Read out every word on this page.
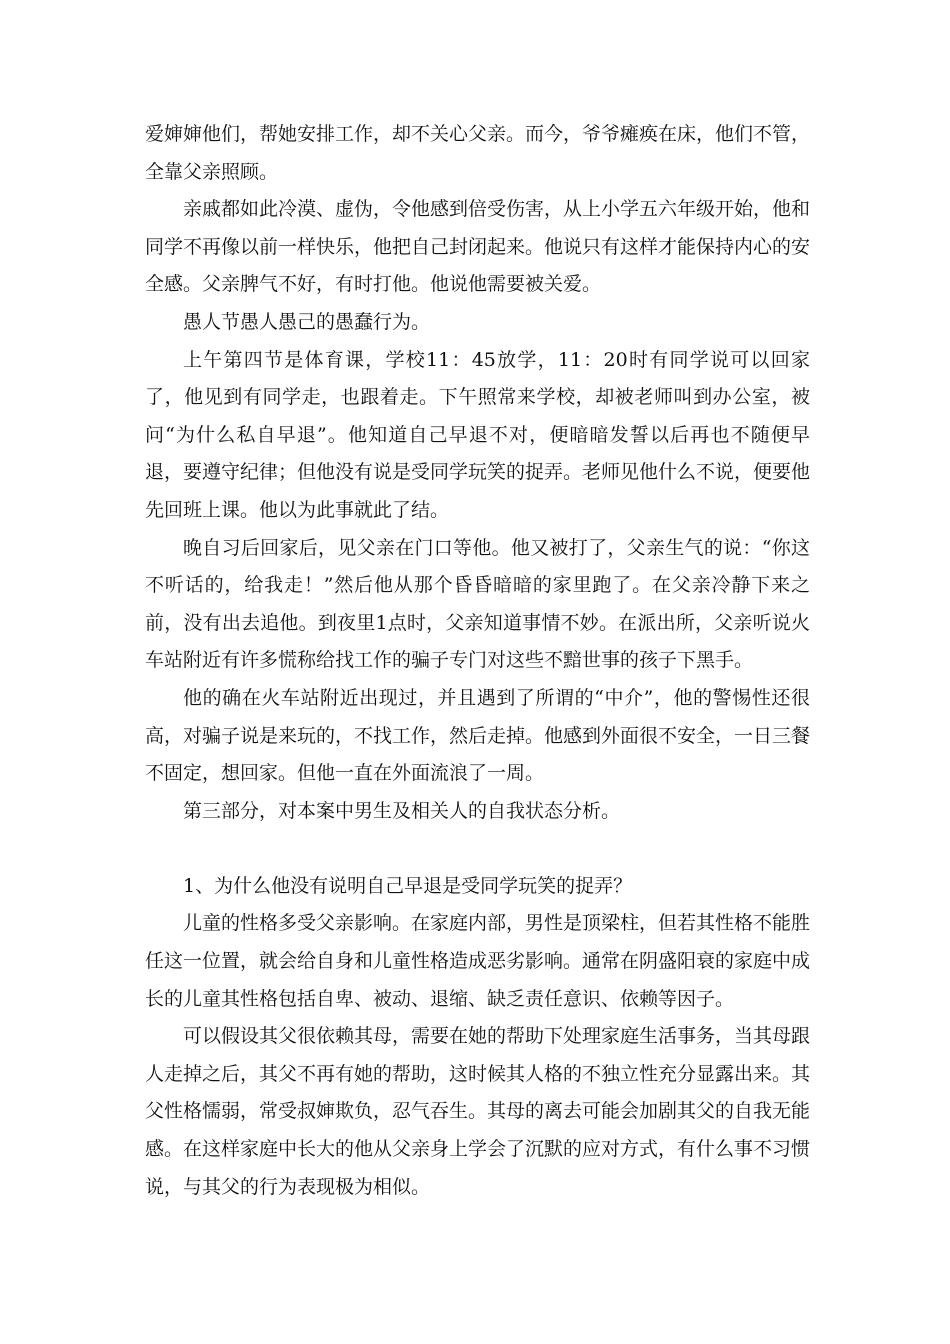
爱婶婶他们，帮她安排工作，却不关心父亲。而今，爷爷瘫痪在床，他们不管，全靠父亲照顾。

亲戚都如此冷漠、虚伪，令他感到倍受伤害，从上小学五六年级开始，他和同学不再像以前一样快乐，他把自己封闭起来。他说只有这样才能保持内心的安全感。父亲脾气不好，有时打他。他说他需要被关爱。

愚人节愚人愚己的愚蠢行为。

上午第四节是体育课，学校11：45放学，11：20时有同学说可以回家了，他见到有同学走，也跟着走。下午照常来学校，却被老师叫到办公室，被问“为什么私自早退”。他知道自己早退不对，便暗暗发誓以后再也不随便早退，要遵守纪律；但他没有说是受同学玩笑的捉弄。老师见他什么不说，便要他先回班上课。他以为此事就此了结。

晚自习后回家后，见父亲在门口等他。他又被打了，父亲生气的说：“你这不听话的，给我走！”然后他从那个昏昏暗暗的家里跑了。在父亲冷静下来之前，没有出去追他。到夜里1点时，父亲知道事情不妙。在派出所，父亲听说火车站附近有许多慌称给找工作的骗子专门对这些不黯世事的孩子下黑手。

他的确在火车站附近出现过，并且遇到了所谓的“中介”，他的警惕性还很高，对骗子说是来玩的，不找工作，然后走掉。他感到外面很不安全，一日三餐不固定，想回家。但他一直在外面流浪了一周。

第三部分，对本案中男生及相关人的自我状态分析。

1、为什么他没有说明自己早退是受同学玩笑的捉弄？

儿童的性格多受父亲影响。在家庭内部，男性是顶梁柱，但若其性格不能胜任这一位置，就会给自身和儿童性格造成恶劣影响。通常在阴盛阳衰的家庭中成长的儿童其性格包括自卑、被动、退缩、缺乏责任意识、依赖等因子。

可以假设其父很依赖其母，需要在她的帮助下处理家庭生活事务，当其母跟人走掉之后，其父不再有她的帮助，这时候其人格的不独立性充分显露出来。其父性格懦弱，常受叔婶欺负，忍气吞生。其母的离去可能会加剧其父的自我无能感。在这样家庭中长大的他从父亲身上学会了沉默的应对方式，有什么事不习惯说，与其父的行为表现极为相似。
